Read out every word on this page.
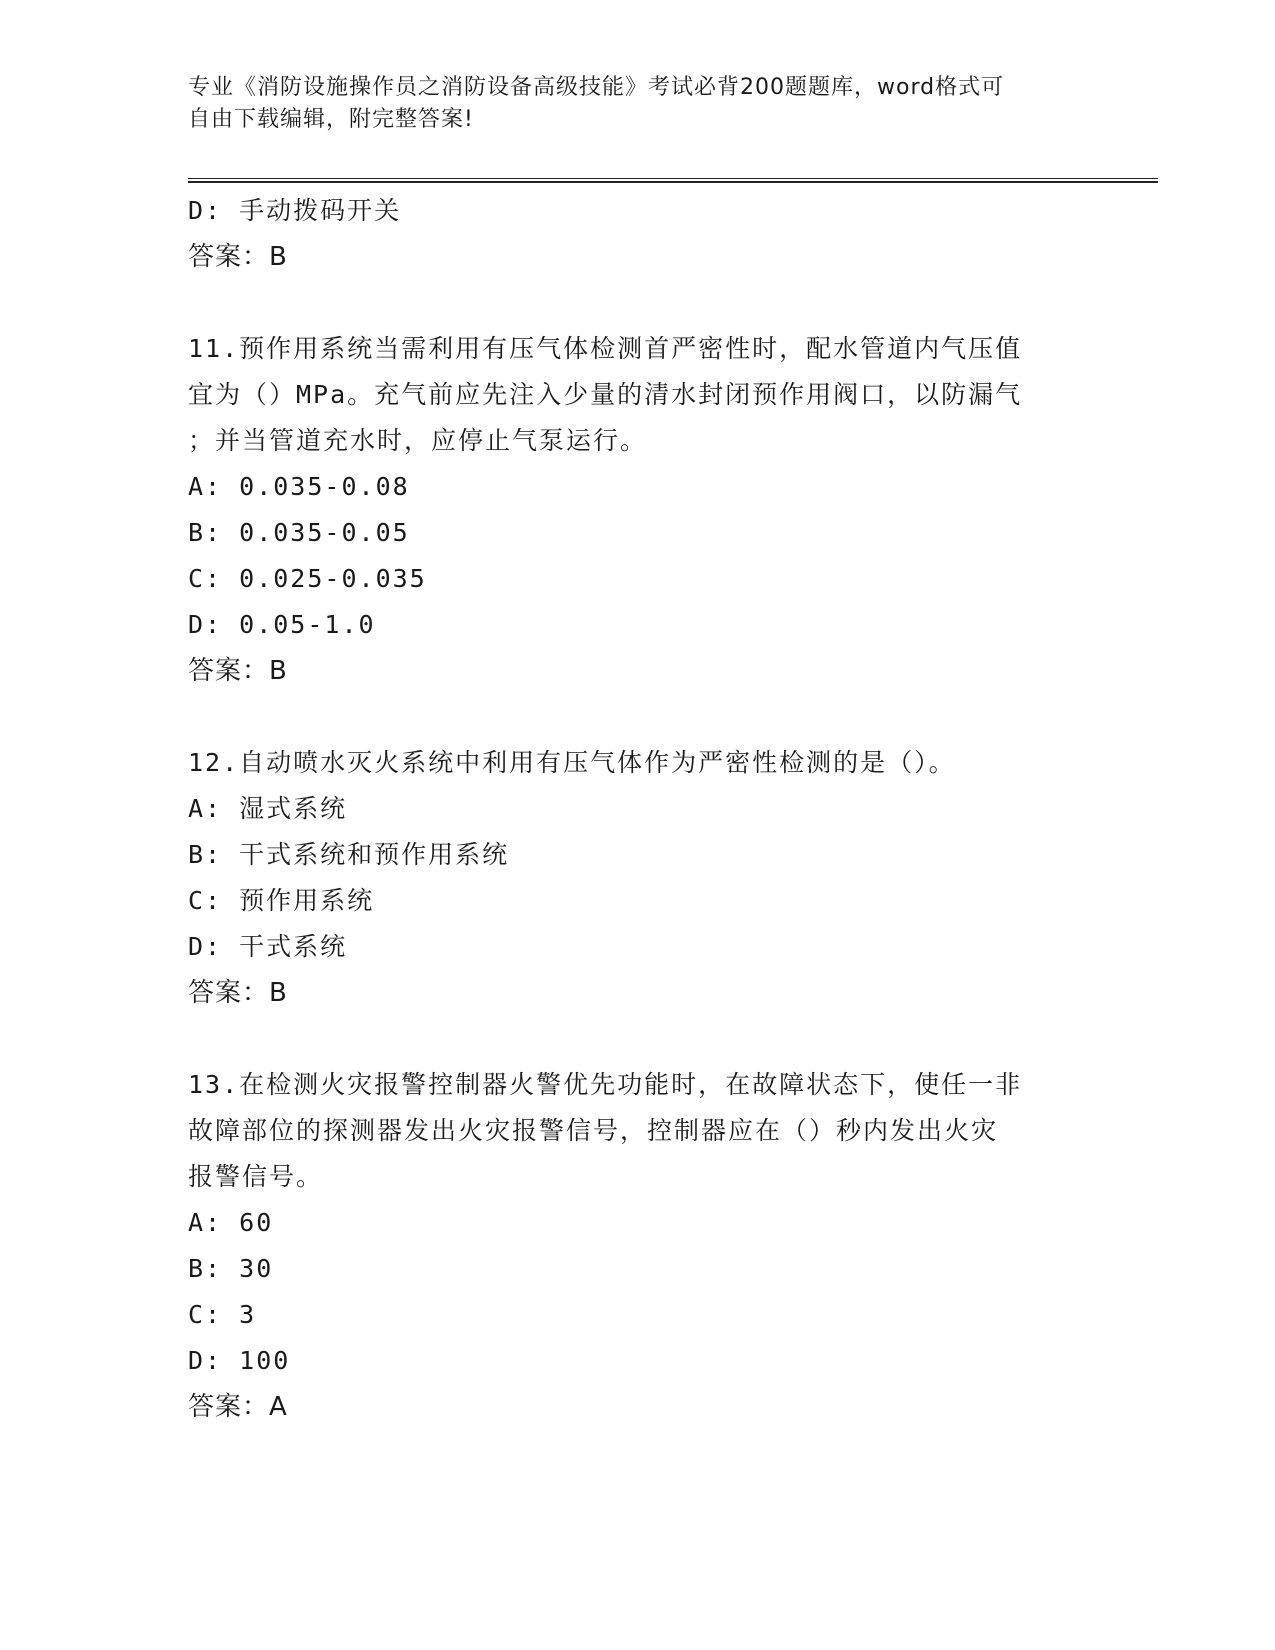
专业《消防设施操作员之消防设备高级技能》考试必背200题题库，word格式可
自由下载编辑，附完整答案!
D: 手动拨码开关
答案：B
11.预作用系统当需利用有压气体检测首严密性时，配水管道内气压值
宜为（）MPa。充气前应先注入少量的清水封闭预作用阀口，以防漏气
；并当管道充水时，应停止气泵运行。
A: 0.035-0.08
B: 0.035-0.05
C: 0.025-0.035
D: 0.05-1.0
答案：B
12.自动喷水灭火系统中利用有压气体作为严密性检测的是（）。
A: 湿式系统
B: 干式系统和预作用系统
C: 预作用系统
D: 干式系统
答案：B
13.在检测火灾报警控制器火警优先功能时，在故障状态下，使任一非
故障部位的探测器发出火灾报警信号，控制器应在（）秒内发出火灾
报警信号。
A: 60
B: 30
C: 3
D: 100
答案：A
